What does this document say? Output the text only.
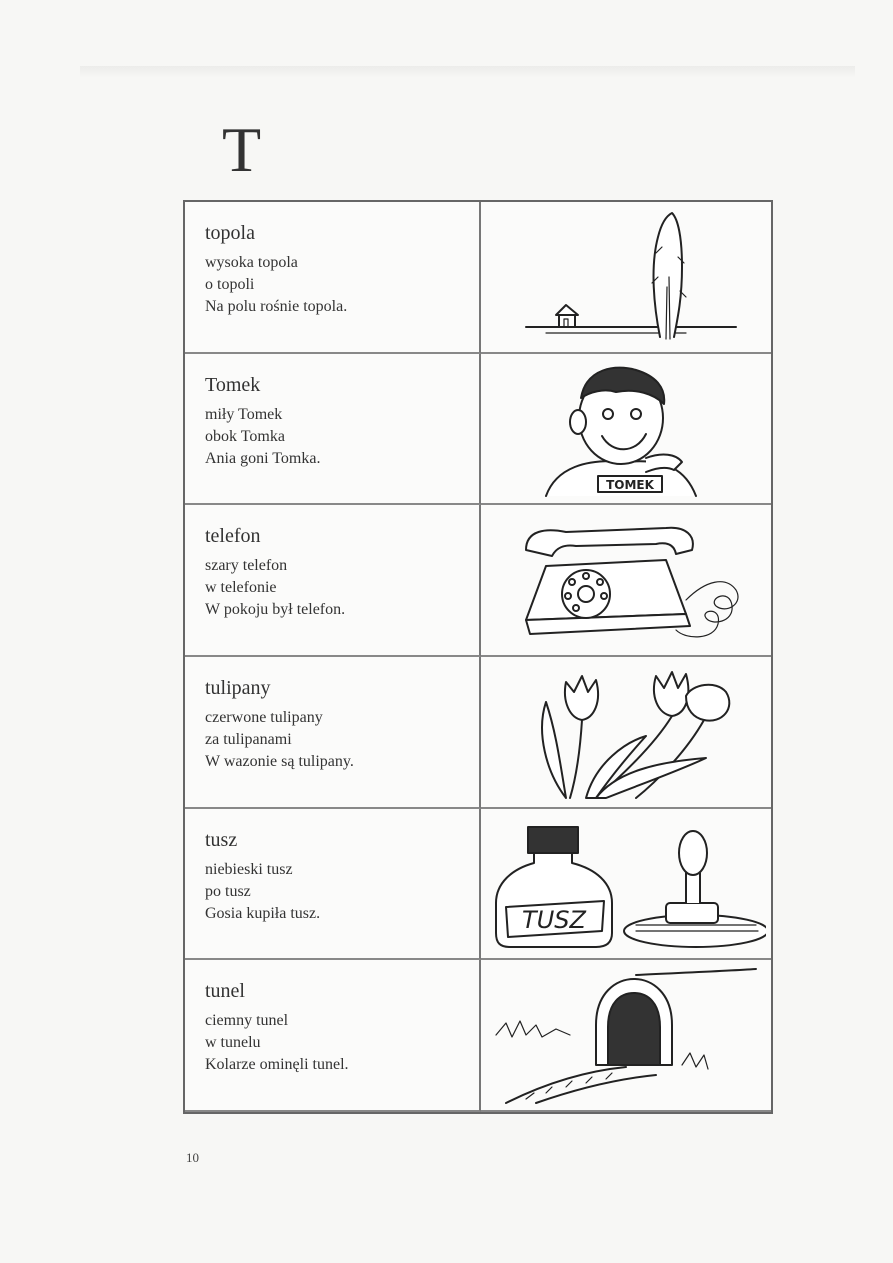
T

topola

wysoka topola

o topoli

Na polu rośnie topola.

Tomek

miły Tomek

obok Tomka

Ania goni Tomka.

TOMEK

telefon

szary telefon

w telefonie

W pokoju był telefon.

tulipany

czerwone tulipany

za tulipanami

W wazonie są tulipany.

tusz

niebieski tusz

po tusz

Gosia kupiła tusz.	TUSZ

tunel

ciemny tunel

w tunelu

Kolarze ominęli tunel.

10
